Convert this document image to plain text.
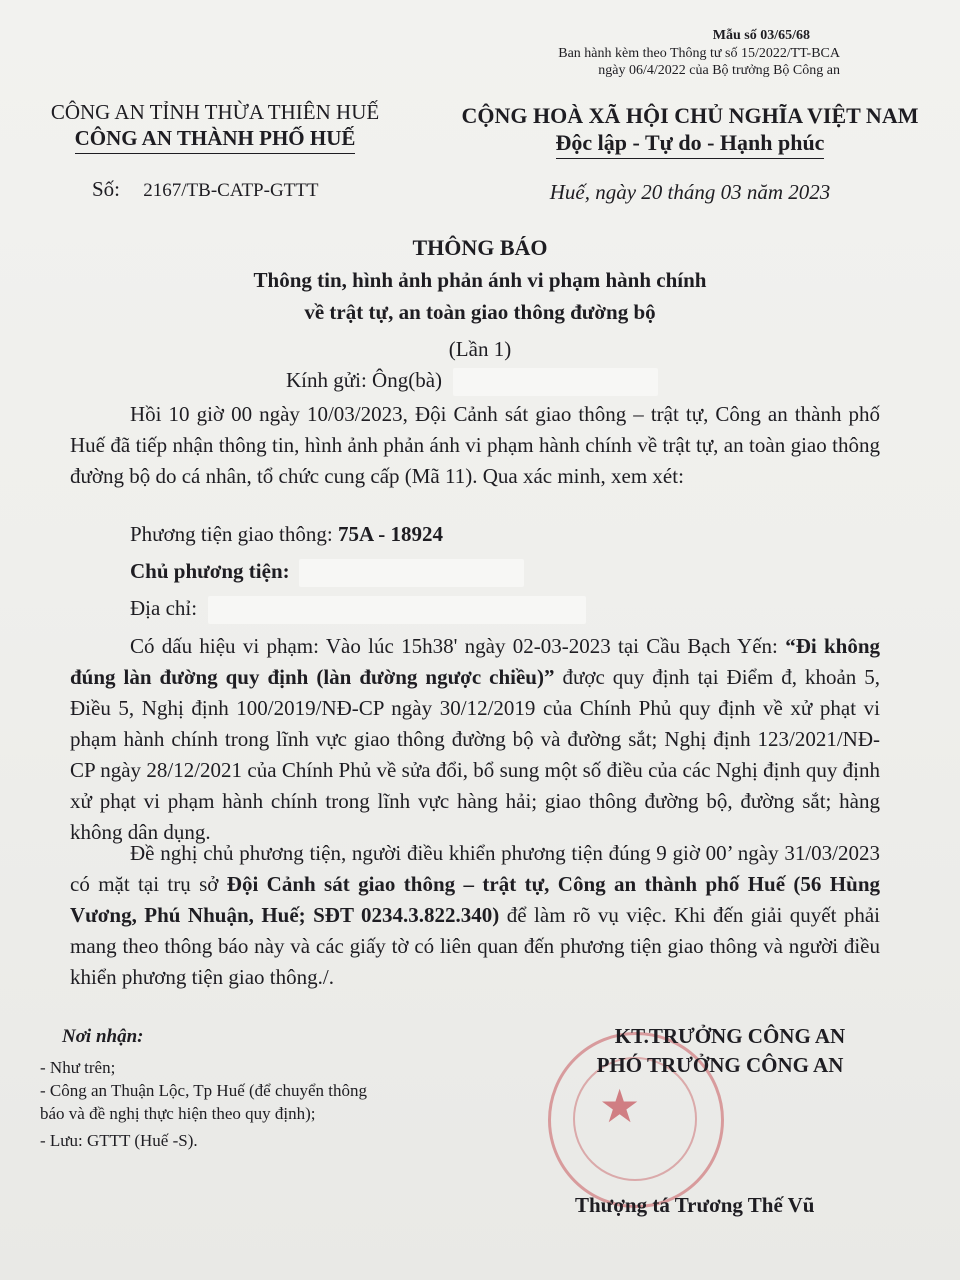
Mẫu số 03/65/68
Ban hành kèm theo Thông tư số 15/2022/TT-BCA
ngày 06/4/2022 của Bộ trưởng Bộ Công an
CÔNG AN TỈNH THỪA THIÊN HUẾ
CÔNG AN THÀNH PHỐ HUẾ
Số: 2167/TB-CATP-GTTT
CỘNG HOÀ XÃ HỘI CHỦ NGHĨA VIỆT NAM
Độc lập - Tự do - Hạnh phúc
Huế, ngày 20 tháng 03 năm 2023
THÔNG BÁO
Thông tin, hình ảnh phản ánh vi phạm hành chính
về trật tự, an toàn giao thông đường bộ
(Lần 1)
Kính gửi: Ông(bà)
Hồi 10 giờ 00 ngày 10/03/2023, Đội Cảnh sát giao thông – trật tự, Công an thành phố Huế đã tiếp nhận thông tin, hình ảnh phản ánh vi phạm hành chính về trật tự, an toàn giao thông đường bộ do cá nhân, tổ chức cung cấp (Mã 11). Qua xác minh, xem xét:
Phương tiện giao thông: 75A - 18924
Chủ phương tiện:
Địa chỉ:
Có dấu hiệu vi phạm: Vào lúc 15h38' ngày 02-03-2023 tại Cầu Bạch Yến: “Đi không đúng làn đường quy định (làn đường ngược chiều)” được quy định tại Điểm đ, khoản 5, Điều 5, Nghị định 100/2019/NĐ-CP ngày 30/12/2019 của Chính Phủ quy định về xử phạt vi phạm hành chính trong lĩnh vực giao thông đường bộ và đường sắt; Nghị định 123/2021/NĐ-CP ngày 28/12/2021 của Chính Phủ về sửa đổi, bổ sung một số điều của các Nghị định quy định xử phạt vi phạm hành chính trong lĩnh vực hàng hải; giao thông đường bộ, đường sắt; hàng không dân dụng.
Đề nghị chủ phương tiện, người điều khiển phương tiện đúng 9 giờ 00’ ngày 31/03/2023 có mặt tại trụ sở Đội Cảnh sát giao thông – trật tự, Công an thành phố Huế (56 Hùng Vương, Phú Nhuận, Huế; SĐT 0234.3.822.340) để làm rõ vụ việc. Khi đến giải quyết phải mang theo thông báo này và các giấy tờ có liên quan đến phương tiện giao thông và người điều khiển phương tiện giao thông./.
Nơi nhận:
- Như trên;
- Công an Thuận Lộc, Tp Huế (để chuyển thông
báo và đề nghị thực hiện theo quy định);
- Lưu: GTTT (Huế -S).
★
KT.TRƯỞNG CÔNG AN
PHÓ TRƯỞNG CÔNG AN
Thượng tá Trương Thế Vũ
